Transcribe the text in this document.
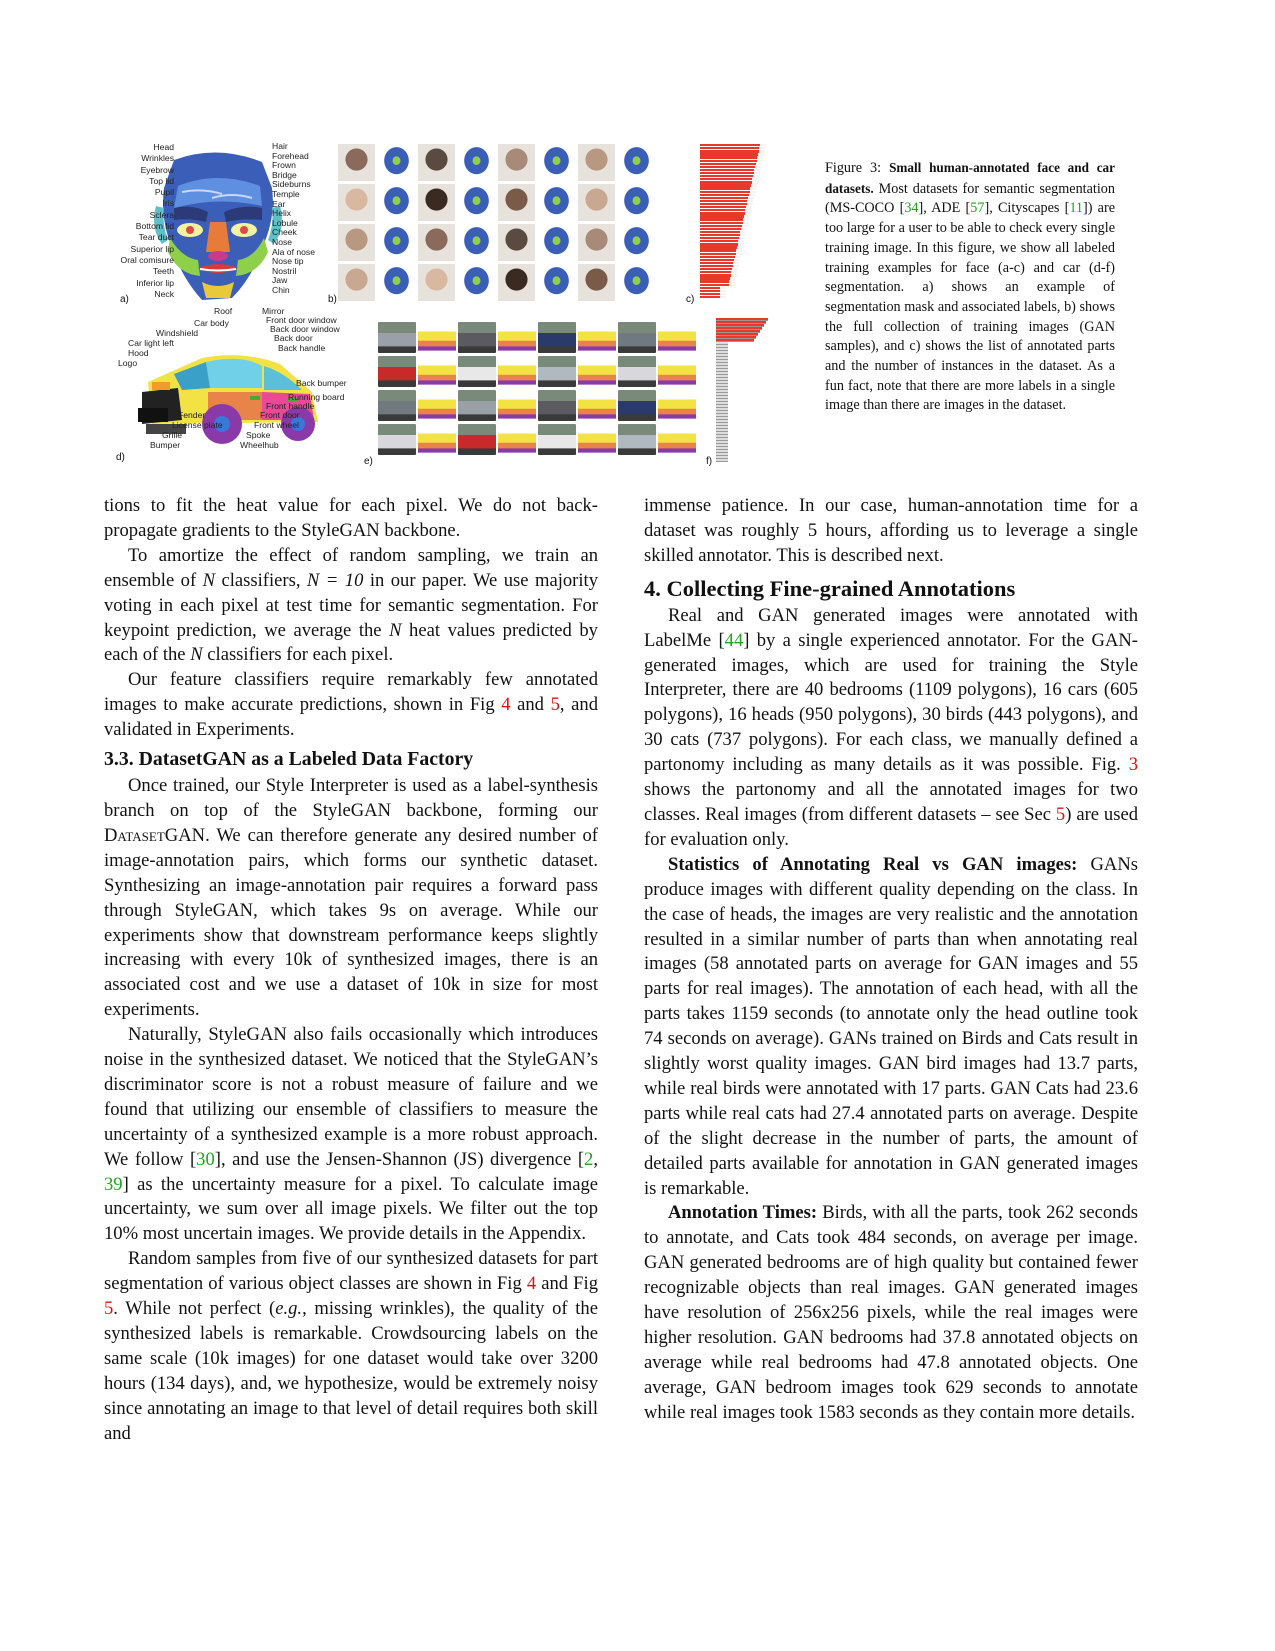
Head
Wrinkles
Eyebrow
Top lid
Pupil
Iris
Sclera
Bottom lid
Tear duct
Superior lip
Oral comisure
Teeth
Inferior lip
Neck
Hair
Forehead
Frown
Bridge
Sideburns
Temple
Ear
Helix
Lobule
Cheek
Nose
Ala of nose
Nose tip
Nostril
Jaw
Chin
a)	b)	c)
Roof
Car body
Windshield
Car light left
Hood
Logo
Fender
License plate
Grille
Bumper
Mirror
Front door window
Back door window
Back door
Back handle
Back bumper
Running board
Front handle
Front door
Front wheel
Spoke
Wheelhub
d)	e)	f)
Figure 3: Small human-annotated face and car datasets. Most datasets for semantic segmentation (MS-COCO [34], ADE [57], Cityscapes [11]) are too large for a user to be able to check every single training image. In this figure, we show all labeled training examples for face (a-c) and car (d-f) segmentation. a) shows an example of segmentation mask and associated labels, b) shows the full collection of training images (GAN samples), and c) shows the list of annotated parts and the number of instances in the dataset. As a fun fact, note that there are more labels in a single image than there are images in the dataset.

tions to fit the heat value for each pixel. We do not back-propagate gradients to the StyleGAN backbone.

To amortize the effect of random sampling, we train an ensemble of N classifiers, N = 10 in our paper. We use majority voting in each pixel at test time for semantic segmentation. For keypoint prediction, we average the N heat values predicted by each of the N classifiers for each pixel.

Our feature classifiers require remarkably few annotated images to make accurate predictions, shown in Fig 4 and 5, and validated in Experiments.

3.3. DatasetGAN as a Labeled Data Factory

Once trained, our Style Interpreter is used as a label-synthesis branch on top of the StyleGAN backbone, forming our DatasetGAN. We can therefore generate any desired number of image-annotation pairs, which forms our synthetic dataset. Synthesizing an image-annotation pair requires a forward pass through StyleGAN, which takes 9s on average. While our experiments show that downstream performance keeps slightly increasing with every 10k of synthesized images, there is an associated cost and we use a dataset of 10k in size for most experiments.

Naturally, StyleGAN also fails occasionally which introduces noise in the synthesized dataset. We noticed that the StyleGAN’s discriminator score is not a robust measure of failure and we found that utilizing our ensemble of classifiers to measure the uncertainty of a synthesized example is a more robust approach. We follow [30], and use the Jensen-Shannon (JS) divergence [2, 39] as the uncertainty measure for a pixel. To calculate image uncertainty, we sum over all image pixels. We filter out the top 10% most uncertain images. We provide details in the Appendix.

Random samples from five of our synthesized datasets for part segmentation of various object classes are shown in Fig 4 and Fig 5. While not perfect (e.g., missing wrinkles), the quality of the synthesized labels is remarkable. Crowdsourcing labels on the same scale (10k images) for one dataset would take over 3200 hours (134 days), and, we hypothesize, would be extremely noisy since annotating an image to that level of detail requires both skill and

immense patience. In our case, human-annotation time for a dataset was roughly 5 hours, affording us to leverage a single skilled annotator. This is described next.

4. Collecting Fine-grained Annotations

Real and GAN generated images were annotated with LabelMe [44] by a single experienced annotator. For the GAN-generated images, which are used for training the Style Interpreter, there are 40 bedrooms (1109 polygons), 16 cars (605 polygons), 16 heads (950 polygons), 30 birds (443 polygons), and 30 cats (737 polygons). For each class, we manually defined a partonomy including as many details as it was possible. Fig. 3 shows the partonomy and all the annotated images for two classes. Real images (from different datasets – see Sec 5) are used for evaluation only.

Statistics of Annotating Real vs GAN images: GANs produce images with different quality depending on the class. In the case of heads, the images are very realistic and the annotation resulted in a similar number of parts than when annotating real images (58 annotated parts on average for GAN images and 55 parts for real images). The annotation of each head, with all the parts takes 1159 seconds (to annotate only the head outline took 74 seconds on average). GANs trained on Birds and Cats result in slightly worst quality images. GAN bird images had 13.7 parts, while real birds were annotated with 17 parts. GAN Cats had 23.6 parts while real cats had 27.4 annotated parts on average. Despite of the slight decrease in the number of parts, the amount of detailed parts available for annotation in GAN generated images is remarkable.

Annotation Times: Birds, with all the parts, took 262 seconds to annotate, and Cats took 484 seconds, on average per image. GAN generated bedrooms are of high quality but contained fewer recognizable objects than real images. GAN generated images have resolution of 256x256 pixels, while the real images were higher resolution. GAN bedrooms had 37.8 annotated objects on average while real bedrooms had 47.8 annotated objects. One average, GAN bedroom images took 629 seconds to annotate while real images took 1583 seconds as they contain more details.
